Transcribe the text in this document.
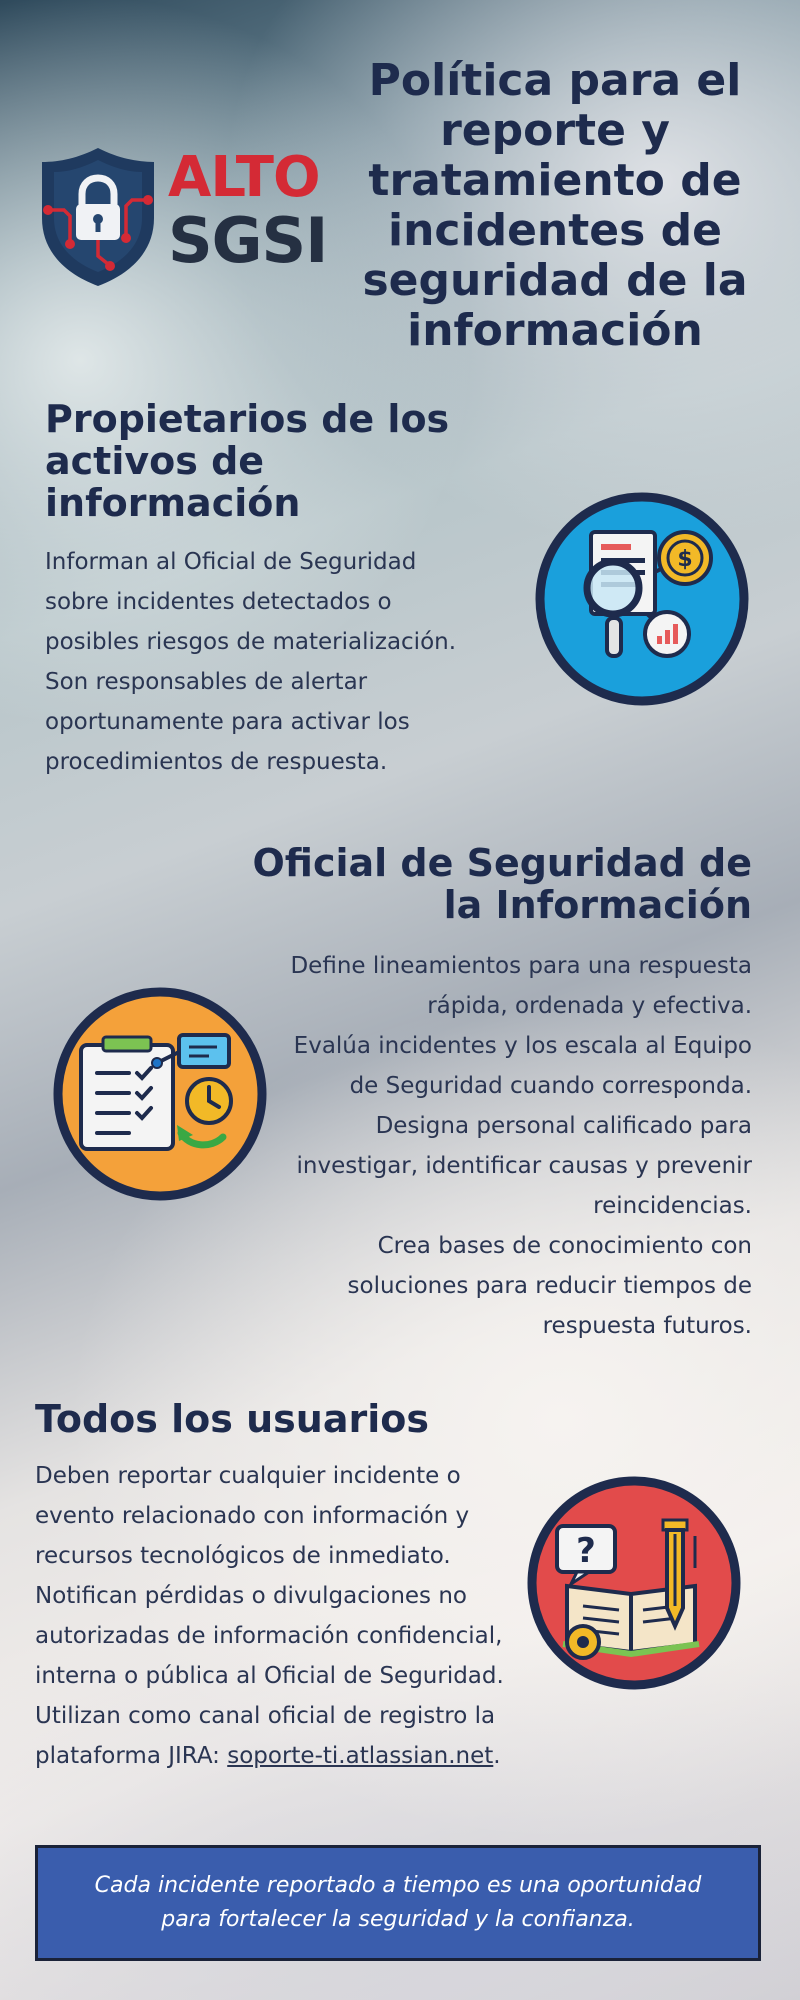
ALTO
SGSI
Política para el reporte y tratamiento de incidentes de seguridad de la información
Propietarios de los activos de información

Informan al Oficial de Seguridad sobre incidentes detectados o posibles riesgos de materialización.

Son responsables de alertar oportunamente para activar los procedimientos de respuesta.

$
Oficial de Seguridad de la Información

Define lineamientos para una respuesta rápida, ordenada y efectiva.

Evalúa incidentes y los escala al Equipo de Seguridad cuando corresponda.

Designa personal calificado para investigar, identificar causas y prevenir reincidencias.

Crea bases de conocimiento con soluciones para reducir tiempos de respuesta futuros.

Todos los usuarios

Deben reportar cualquier incidente o evento relacionado con información y recursos tecnológicos de inmediato.

Notifican pérdidas o divulgaciones no autorizadas de información confidencial, interna o pública al Oficial de Seguridad.

Utilizan como canal oficial de registro la plataforma JIRA: soporte-ti.atlassian.net.

?

Cada incidente reportado a tiempo es una oportunidad para fortalecer la seguridad y la confianza.
